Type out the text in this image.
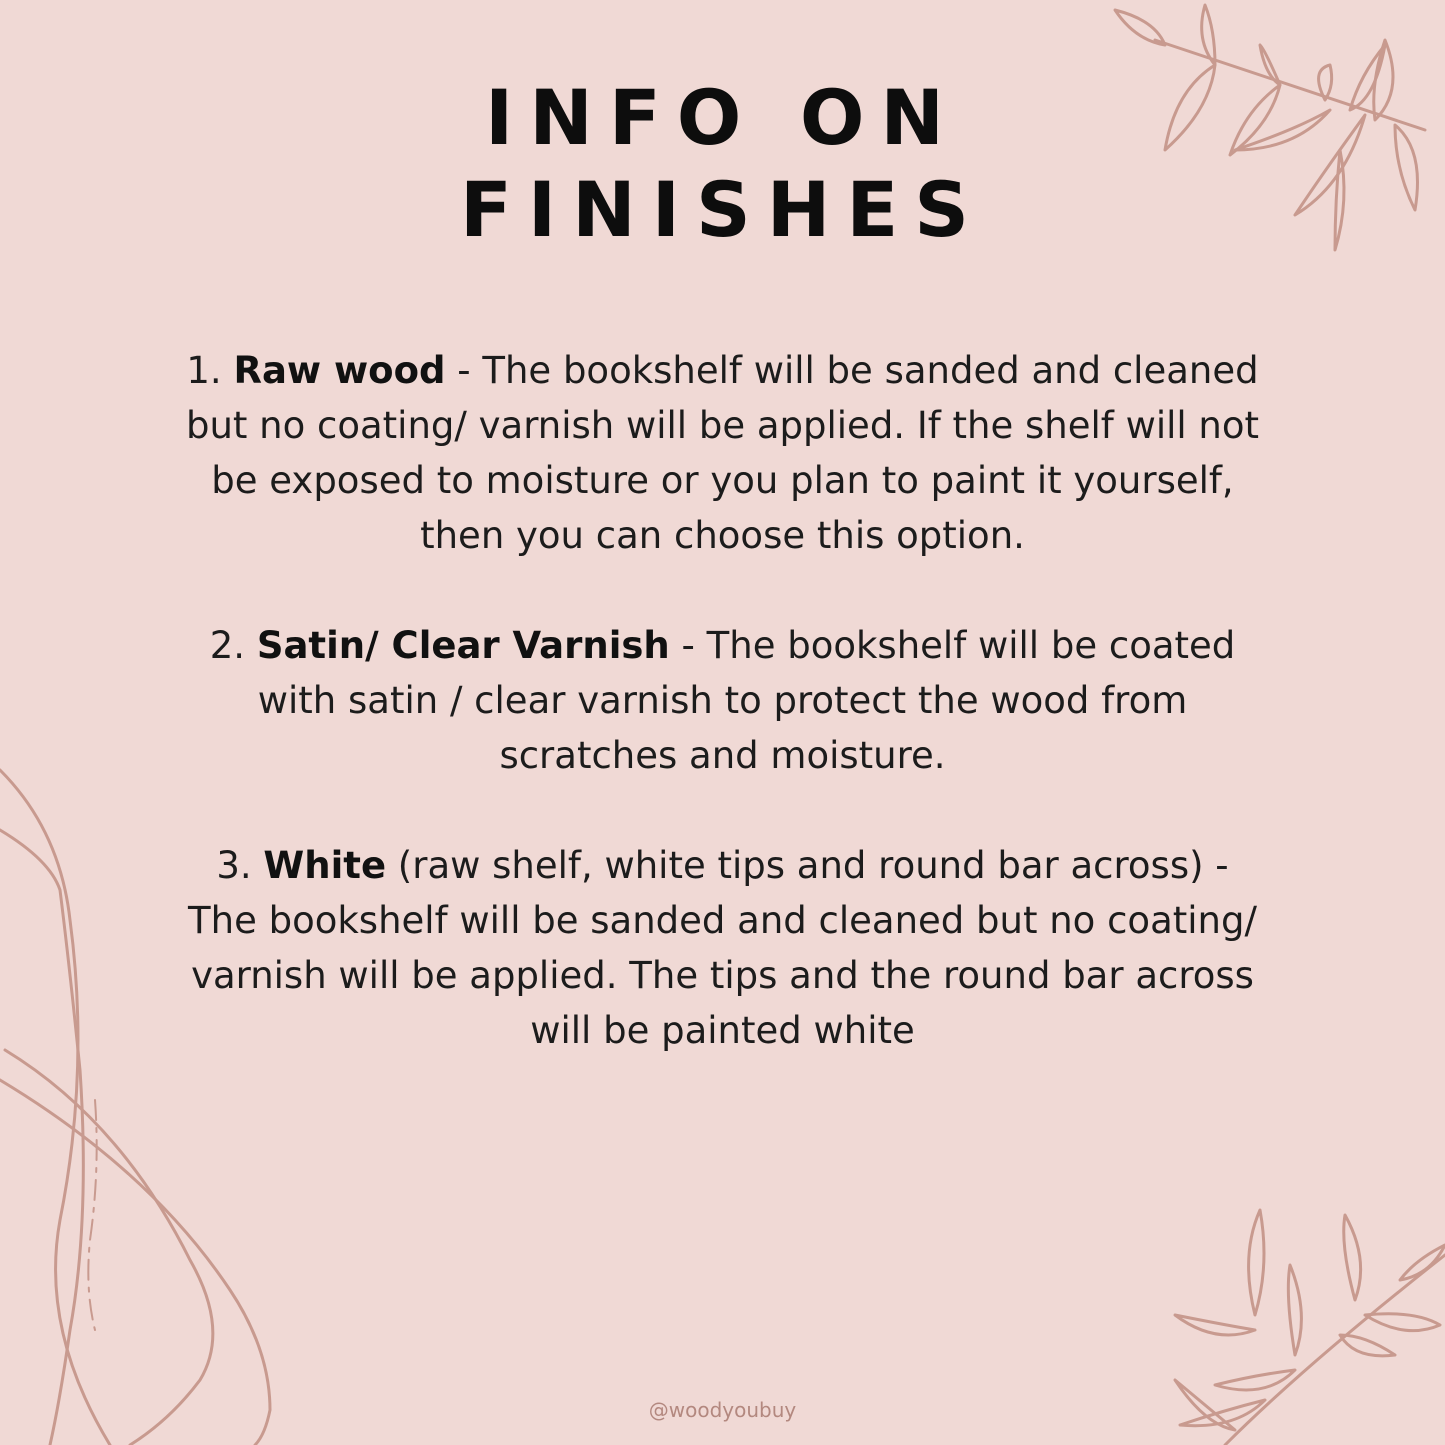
INFO ON
FINISHES

1. Raw wood - The bookshelf will be sanded and cleaned but no coating/ varnish will be applied. If the shelf will not be exposed to moisture or you plan to paint it yourself, then you can choose this option.

2. Satin/ Clear Varnish - The bookshelf will be coated with satin / clear varnish to protect the wood from scratches and moisture.

3. White (raw shelf, white tips and round bar across) - The bookshelf will be sanded and cleaned but no coating/ varnish will be applied. The tips and the round bar across will be painted white

@woodyoubuy
